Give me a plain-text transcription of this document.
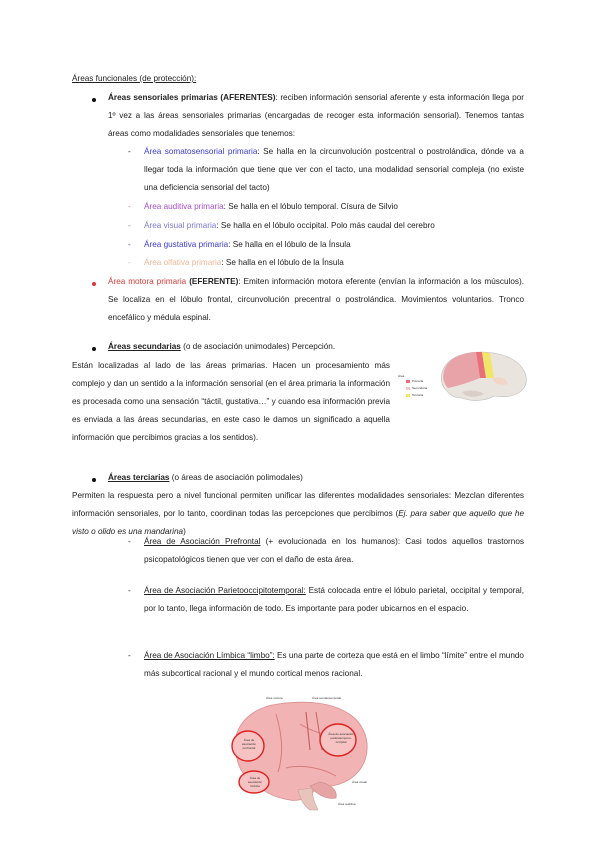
Áreas funcionales (de protección):
Áreas sensoriales primarias (AFERENTES): reciben información sensorial aferente y esta información llega por 1º vez a las áreas sensoriales primarias (encargadas de recoger esta información sensorial). Tenemos tantas áreas como modalidades sensoriales que tenemos:
- Área somatosensorial primaria: Se halla en la circunvolución postcentral o postrolándica, dónde va a llegar toda la información que tiene que ver con el tacto, una modalidad sensorial compleja (no existe una deficiencia sensorial del tacto)
- Área auditiva primaria: Se halla en el lóbulo temporal. Císura de Silvio
- Área visual primaria: Se halla en el lóbulo occipital. Polo más caudal del cerebro
- Área gustativa primaria: Se halla en el lóbulo de la Ínsula
- Área olfativa primaria: Se halla en el lóbulo de la Ínsula
Área motora primaria (EFERENTE): Emiten información motora eferente (envían la información a los músculos). Se localiza en el lóbulo frontal, circunvolución precentral o postrolándica. Movimientos voluntarios. Tronco encefálico y médula espinal.
Áreas secundarias (o de asociación unimodales) Percepción.
Están localizadas al lado de las áreas primarias. Hacen un procesamiento más complejo y dan un sentido a la información sensorial (en el área primaria la información es procesada como una sensación “táctil, gustativa…” y cuando esa información previa es enviada a las áreas secundarias, en este caso le damos un significado a aquella información que percibimos gracias a los sentidos).
Área
Primaria
Secundaria
Terciaria
Áreas terciarias (o áreas de asociación polimodales)
Permiten la respuesta pero a nivel funcional permiten unificar las diferentes modalidades sensoriales: Mezclan diferentes información sensoriales, por lo tanto, coordinan todas las percepciones que percibimos (Ej. para saber que aquello que he visto o olido es una mandarina)
- Área de Asociación Prefrontal (+ evolucionada en los humanos): Casi todos aquellos trastornos psicopatológicos tienen que ver con el daño de esta área.
- Área de Asociación Parietooccipitotemporal: Está colocada entre el lóbulo parietal, occipital y temporal, por lo tanto, llega información de todo. Es importante para poder ubicarnos en el espacio.
- Área de Asociación Límbica “limbo”: Es una parte de corteza que está en el limbo “límite” entre el mundo más subcortical racional y el mundo cortical menos racional.
Área de asociación prefrontal
Área de asociación parietotemporo-occipital
Área de asociación límbica
Área motora	Área somatosensorial
Área visual
Área auditiva
